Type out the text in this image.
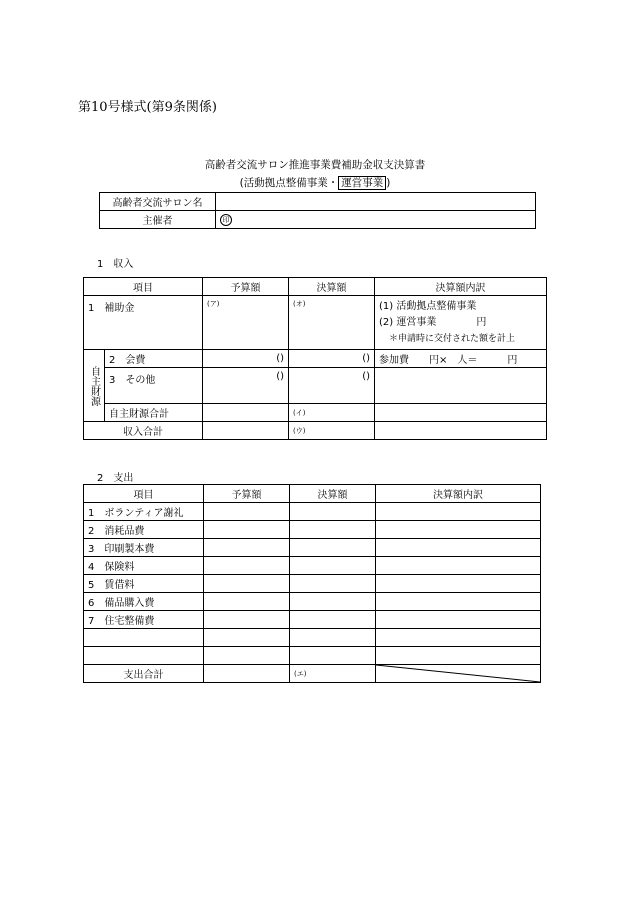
第10号様式(第9条関係)
高齢者交流サロン推進事業費補助金収支決算書
(活動拠点整備事業・ 運営事業 )
高齢者交流サロン名	
主催者	印
1　収入
項目		予算額	決算額	決算額内訳
1　補助金		(ア)	(オ)	(1) 活動拠点整備事業
(2) 運営事業　　　　円
＊申請時に交付された額を計上

自主財源	2　会費	()	()	参加費　　円×　人＝　　　円
	3　その他	()	()	
	自主財源合計		(イ)	
収入合計			(ウ)	
2　支出
項目	予算額	決算額	決算額内訳
1　ボランティア謝礼			
2　消耗品費			
3　印刷製本費			
4　保険料			
5　賃借料			
6　備品購入費			
7　住宅整備費			

支出合計		(エ)	
